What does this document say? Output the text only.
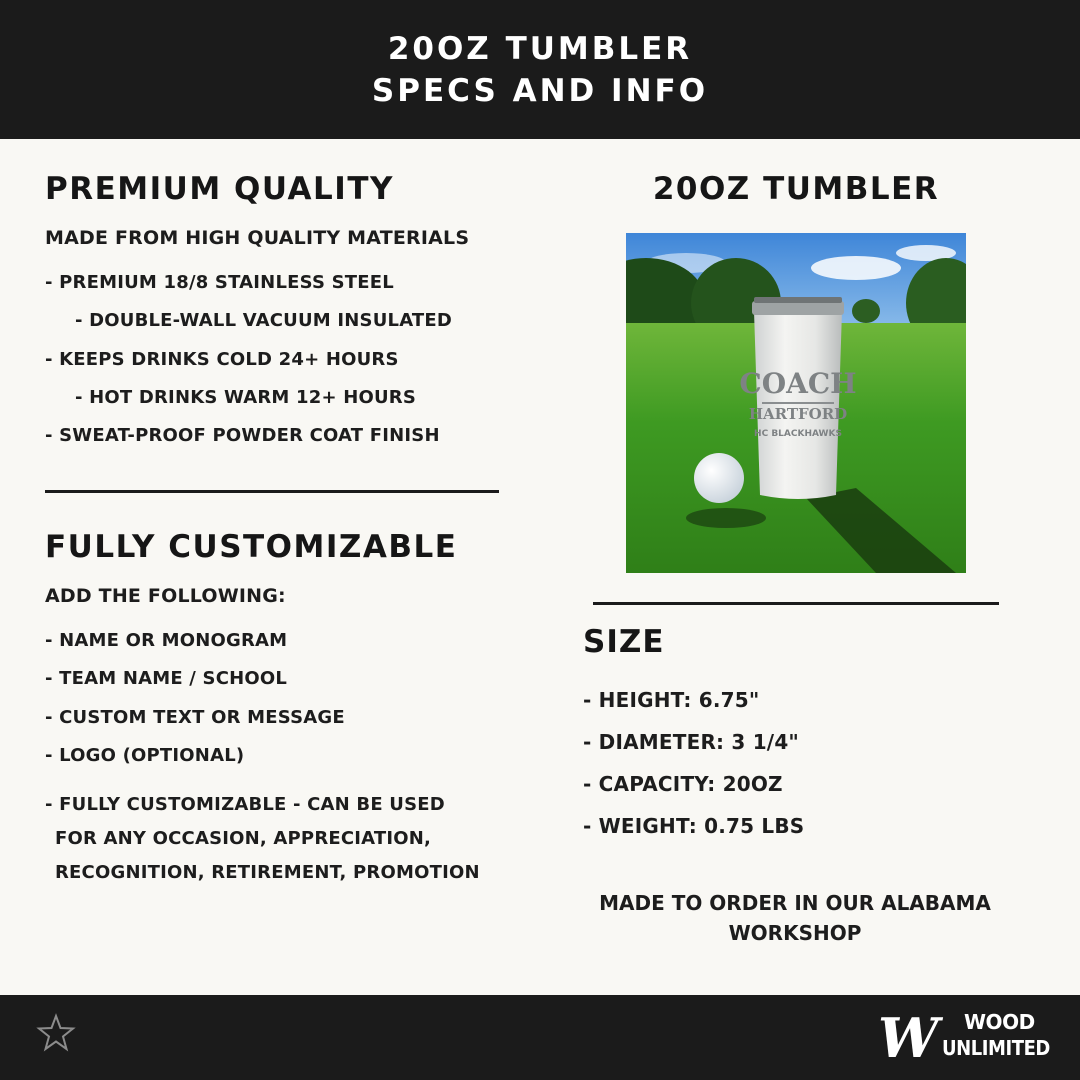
20OZ TUMBLER
SPECS AND INFO
PREMIUM QUALITY
MADE FROM HIGH QUALITY MATERIALS
- PREMIUM 18/8 STAINLESS STEEL
- DOUBLE-WALL VACUUM INSULATED
- KEEPS DRINKS COLD 24+ HOURS
- HOT DRINKS WARM 12+ HOURS
- SWEAT-PROOF POWDER COAT FINISH
FULLY CUSTOMIZABLE
ADD THE FOLLOWING:
- NAME OR MONOGRAM
- TEAM NAME / SCHOOL
- CUSTOM TEXT OR MESSAGE
- LOGO (OPTIONAL)
- FULLY CUSTOMIZABLE - CAN BE USED
FOR ANY OCCASION, APPRECIATION,
RECOGNITION, RETIREMENT, PROMOTION
20OZ TUMBLER
COACH
HARTFORD
HC BLACKHAWKS
SIZE
- HEIGHT: 6.75"
- DIAMETER: 3 1/4"
- CAPACITY: 20OZ
- WEIGHT: 0.75 LBS
MADE TO ORDER IN OUR ALABAMA
WORKSHOP
W WOOD
UNLIMITED
